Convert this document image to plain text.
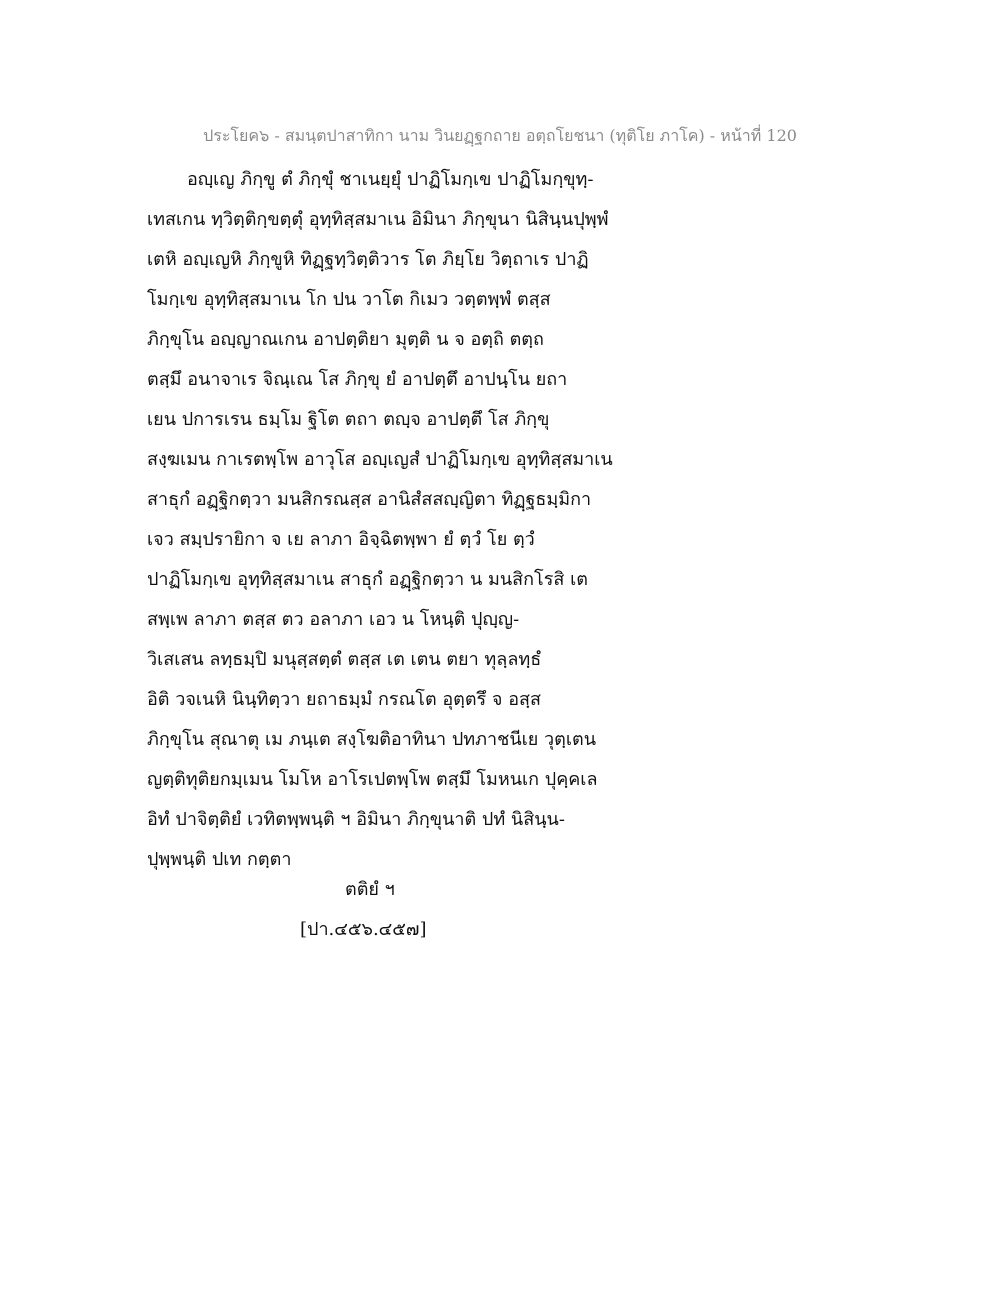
ประโยค๖ - สมนฺตปาสาทิกา นาม วินยฏฺฐกถาย อตฺถโยชนา (ทุติโย ภาโค) - หน้าที่ 120
อญฺเญ ภิกฺขู ตํ ภิกฺขุํ ชาเนยฺยุํ ปาฏิโมกฺเข ปาฏิโมกฺขุทฺ-
เทสเกน ทฺวิตฺติกฺขตฺตุํ อุทฺทิสฺสมาเน อิมินา ภิกฺขุนา นิสินฺนปุพฺพํ
เตหิ อญฺเญหิ ภิกฺขูหิ ทิฏฺฐทฺวิตฺติวาร โต ภิยฺโย วิตฺถาเร ปาฏิ
โมกฺเข อุทฺทิสฺสมาเน โก ปน วาโต กิเมว วตฺตพฺพํ ตสฺส
ภิกฺขุโน อญฺญาณเกน อาปตฺติยา มุตฺติ น จ อตฺถิ ตตฺถ
ตสฺมึ อนาจาเร จิณฺเณ โส ภิกฺขุ ยํ อาปตฺตึ อาปนฺโน ยถา
เยน ปการเรน ธมฺโม ฐิโต ตถา ตญฺจ อาปตฺตึ โส ภิกฺขุ
สงฺฆเมน กาเรตพฺโพ อาวุโส อญฺเญสํ ปาฏิโมกฺเข อุทฺทิสฺสมาเน
สาธุกํ อฏฺฐิกตฺวา มนสิกรณสฺส อานิสํสสญฺญิตา ทิฏฺฐธมฺมิกา
เจว สมฺปรายิกา จ เย ลาภา อิจฺฉิตพฺพา ยํ ตฺวํ โย ตฺวํ
ปาฏิโมกฺเข อุทฺทิสฺสมาเน สาธุกํ อฏฺฐิกตฺวา น มนสิกโรสิ เต
สพฺเพ ลาภา ตสฺส ตว อลาภา เอว น โหนฺติ ปุญฺญ-
วิเสเสน ลทฺธมฺปิ มนุสฺสตฺตํ ตสฺส เต เตน ตยา ทุลฺลทฺธํ
อิติ วจเนหิ นินฺทิตฺวา ยถาธมฺมํ กรณโต อุตฺตรึ จ อสฺส
ภิกฺขุโน สุณาตุ เม ภนฺเต สงฺโฆติอาทินา ปทภาชนีเย วุตฺเตน
ญตฺติทุติยกมฺเมน โมโห อาโรเปตพฺโพ ตสฺมึ โมหนเก ปุคฺคเล
อิทํ ปาจิตฺติยํ เวทิตพฺพนฺติ ฯ อิมินา ภิกฺขุนาติ ปทํ นิสินฺน-
ปุพฺพนฺติ ปเท กตฺตา
ตติยํ ฯ
[ปา.๔๕๖.๔๕๗]
